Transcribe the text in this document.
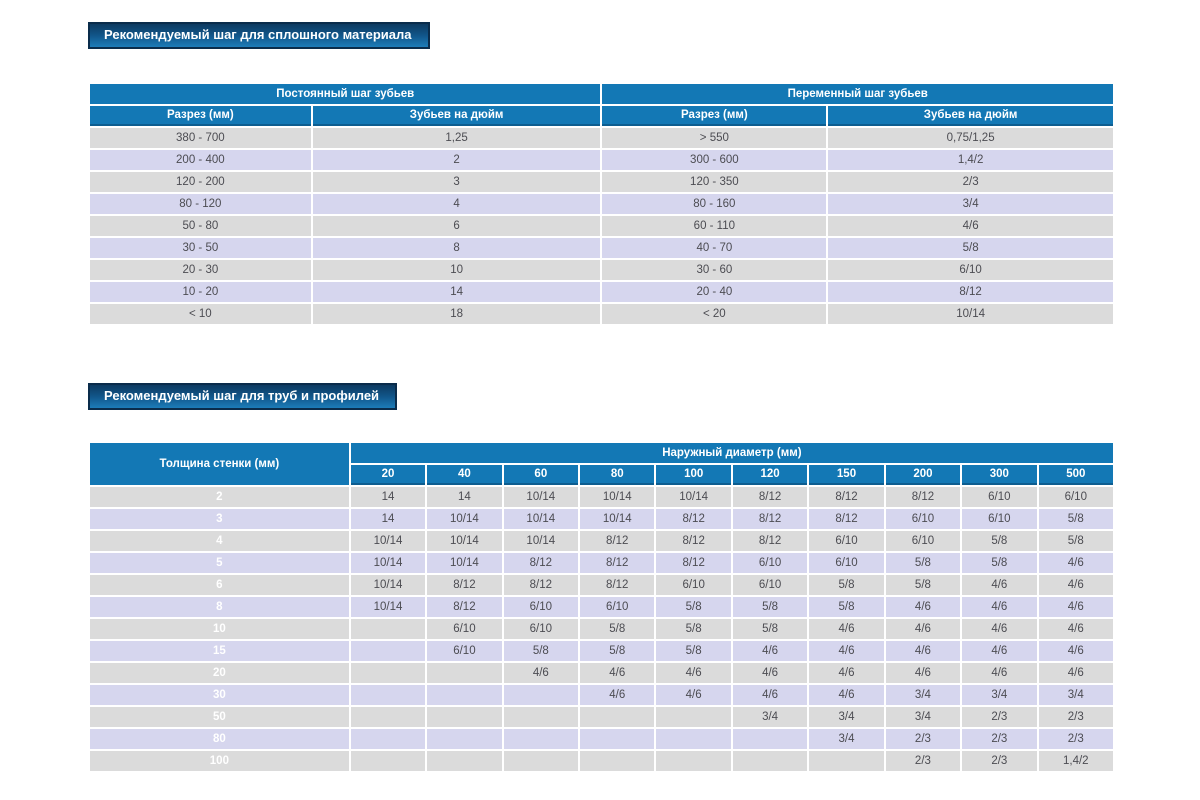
Рекомендуемый шаг для сплошного материала
Постоянный шаг зубьев		Переменный шаг зубьев	
Разрез (мм)	Зубьев на дюйм	Разрез (мм)	Зубьев на дюйм
380 - 700	1,25	> 550	0,75/1,25
200 - 400	2	300 - 600	1,4/2
120 - 200	3	120 - 350	2/3
80 - 120	4	80 - 160	3/4
50 - 80	6	60 - 110	4/6
30 - 50	8	40 - 70	5/8
20 - 30	10	30 - 60	6/10
10 - 20	14	20 - 40	8/12
< 10	18	< 20	10/14
Рекомендуемый шаг для труб и профилей
Толщина стенки (мм)	Наружный диаметр (мм)									
	20	40	60	80	100	120	150	200	300	500
2	14	14	10/14	10/14	10/14	8/12	8/12	8/12	6/10	6/10
3	14	10/14	10/14	10/14	8/12	8/12	8/12	6/10	6/10	5/8
4	10/14	10/14	10/14	8/12	8/12	8/12	6/10	6/10	5/8	5/8
5	10/14	10/14	8/12	8/12	8/12	6/10	6/10	5/8	5/8	4/6
6	10/14	8/12	8/12	8/12	6/10	6/10	5/8	5/8	4/6	4/6
8	10/14	8/12	6/10	6/10	5/8	5/8	5/8	4/6	4/6	4/6
10		6/10	6/10	5/8	5/8	5/8	4/6	4/6	4/6	4/6
15		6/10	5/8	5/8	5/8	4/6	4/6	4/6	4/6	4/6
20			4/6	4/6	4/6	4/6	4/6	4/6	4/6	4/6
30				4/6	4/6	4/6	4/6	3/4	3/4	3/4
50						3/4	3/4	3/4	2/3	2/3
80							3/4	2/3	2/3	2/3
100								2/3	2/3	1,4/2
